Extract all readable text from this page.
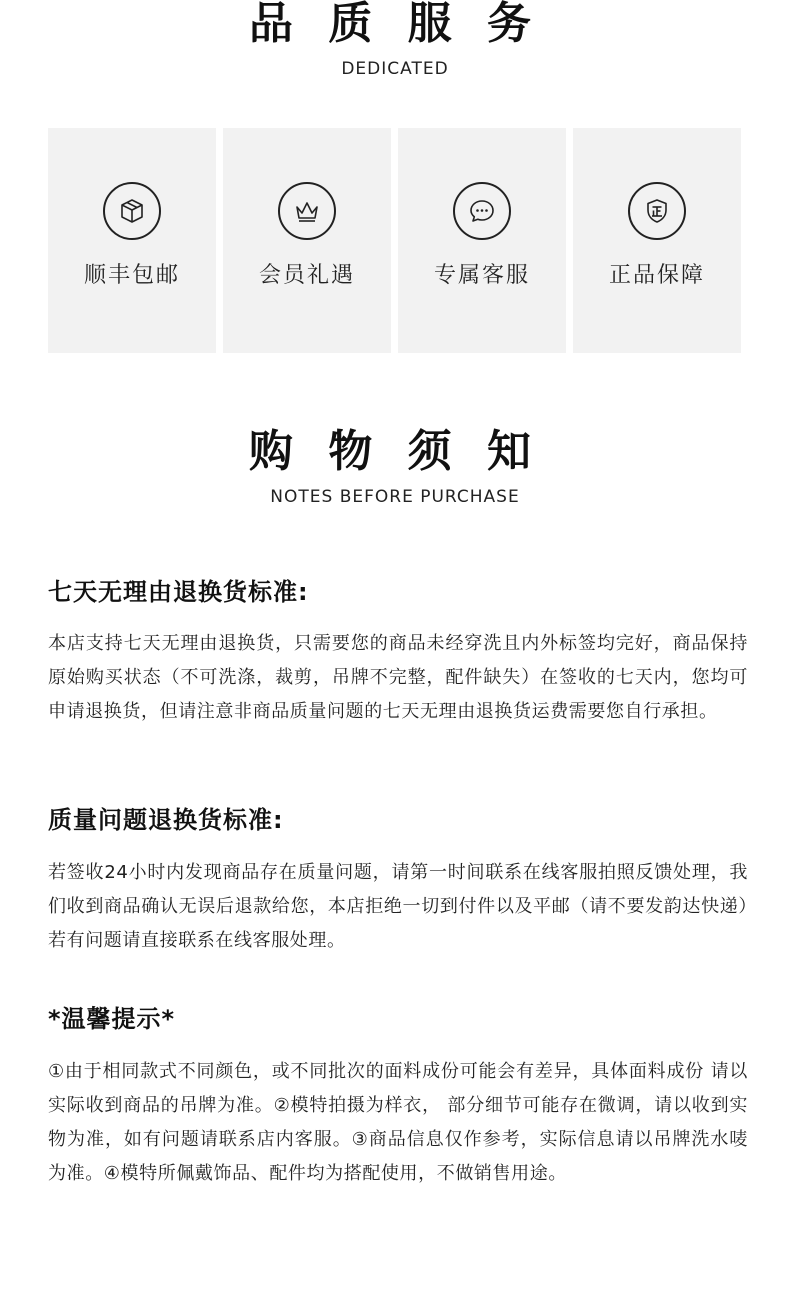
品 质 服 务
DEDICATED
顺丰包邮	会员礼遇	专属客服	正品保障
购 物 须 知
NOTES BEFORE PURCHASE
七天无理由退换货标准:
本店支持七天无理由退换货，只需要您的商品未经穿洗且内外标签均完好，商品保持原始购买状态（不可洗涤，裁剪，吊牌不完整，配件缺失）在签收的七天内，您均可申请退换货，但请注意非商品质量问题的七天无理由退换货运费需要您自行承担。
质量问题退换货标准:
若签收24小时内发现商品存在质量问题，请第一时间联系在线客服拍照反馈处理，我们收到商品确认无误后退款给您，本店拒绝一切到付件以及平邮（请不要发韵达快递）若有问题请直接联系在线客服处理。
*温馨提示*
①由于相同款式不同颜色，或不同批次的面料成份可能会有差异，具体面料成份 请以实际收到商品的吊牌为准。②模特拍摄为样衣， 部分细节可能存在微调，请以收到实物为准，如有问题请联系店内客服。③商品信息仅作参考，实际信息请以吊牌洗水唛为准。④模特所佩戴饰品、配件均为搭配使用，不做销售用途。
